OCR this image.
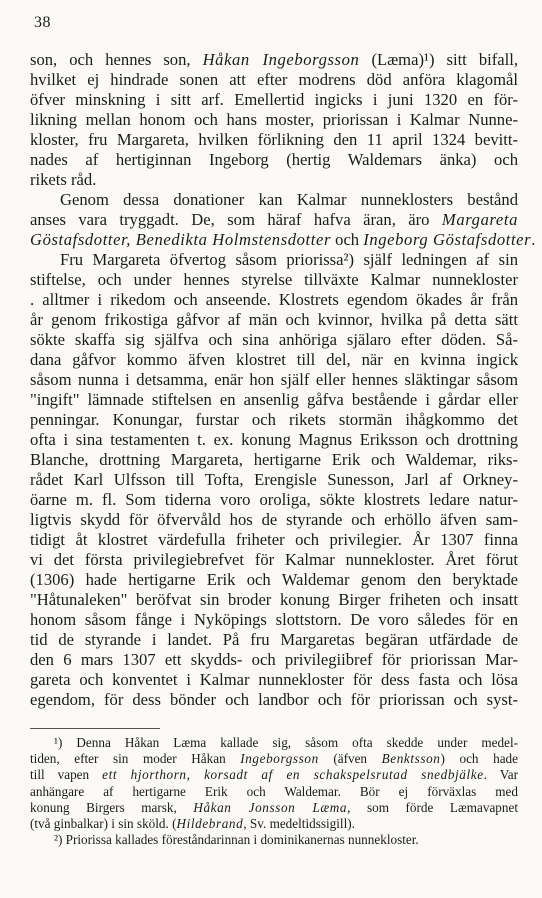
38

son, och hennes son, Håkan Ingeborgsson (Læma)¹) sitt bifall,

hvilket ej hindrade sonen att efter modrens död anföra klagomål

öfver minskning i sitt arf. Emellertid ingicks i juni 1320 en för-

likning mellan honom och hans moster, priorissan i Kalmar Nunne-

kloster, fru Margareta, hvilken förlikning den 11 april 1324 bevitt-

nades af hertiginnan Ingeborg (hertig Waldemars änka) och

rikets råd.

Genom dessa donationer kan Kalmar nunneklosters bestånd

anses vara tryggadt. De, som häraf hafva äran, äro Margareta

Göstafsdotter, Benedikta Holmstensdotter och Ingeborg Göstafsdotter.

Fru Margareta öfvertog såsom priorissa²) själf ledningen af sin

stiftelse, och under hennes styrelse tillväxte Kalmar nunnekloster

. alltmer i rikedom och anseende. Klostrets egendom ökades år från

år genom frikostiga gåfvor af män och kvinnor, hvilka på detta sätt

sökte skaffa sig själfva och sina anhöriga själaro efter döden. Så-

dana gåfvor kommo äfven klostret till del, när en kvinna ingick

såsom nunna i detsamma, enär hon själf eller hennes släktingar såsom

"ingift" lämnade stiftelsen en ansenlig gåfva bestående i gårdar eller

penningar. Konungar, furstar och rikets stormän ihågkommo det

ofta i sina testamenten t. ex. konung Magnus Eriksson och drottning

Blanche, drottning Margareta, hertigarne Erik och Waldemar, riks-

rådet Karl Ulfsson till Tofta, Erengisle Sunesson, Jarl af Orkney-

öarne m. fl. Som tiderna voro oroliga, sökte klostrets ledare natur-

ligtvis skydd för öfvervåld hos de styrande och erhöllo äfven sam-

tidigt åt klostret värdefulla friheter och privilegier. År 1307 finna

vi det första privilegiebrefvet för Kalmar nunnekloster. Året förut

(1306) hade hertigarne Erik och Waldemar genom den beryktade

"Håtunaleken" beröfvat sin broder konung Birger friheten och insatt

honom såsom fånge i Nyköpings slottstorn. De voro således för en

tid de styrande i landet. På fru Margaretas begäran utfärdade de

den 6 mars 1307 ett skydds- och privilegiibref för priorissan Mar-

gareta och konventet i Kalmar nunnekloster för dess fasta och lösa

egendom, för dess bönder och landbor och för priorissan och syst-

¹) Denna Håkan Læma kallade sig, såsom ofta skedde under medel-

tiden, efter sin moder Håkan Ingeborgsson (äfven Benktsson) och hade

till vapen ett hjorthorn, korsadt af en schakspelsrutad snedbjälke. Var

anhängare af hertigarne Erik och Waldemar. Bör ej förväxlas med

konung Birgers marsk, Håkan Jonsson Læma, som förde Læmavapnet

(två ginbalkar) i sin sköld. (Hildebrand, Sv. medeltidssigill).

²) Priorissa kallades föreståndarinnan i dominikanernas nunnekloster.
